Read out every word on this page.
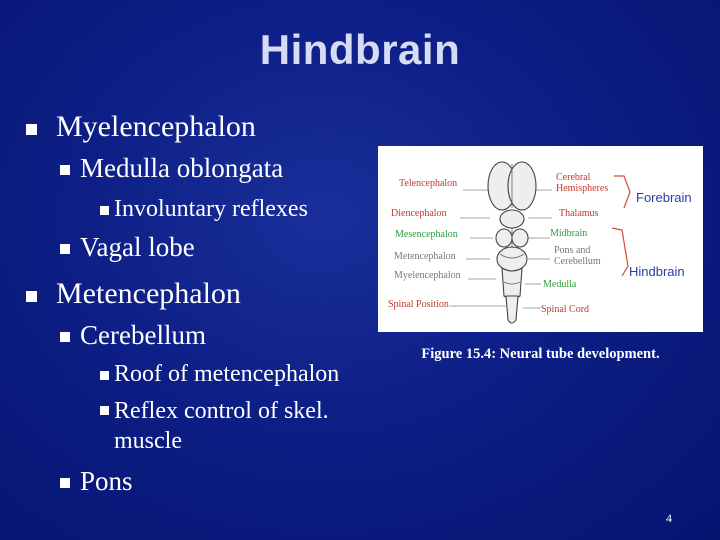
Hindbrain
Myelencephalon
Medulla oblongata
Involuntary reflexes
Vagal lobe
Metencephalon
Cerebellum
Roof of metencephalon
Reflex control of skel. muscle
Pons
Telencephalon
Diencephalon
Mesencephalon
Metencephalon
Myelencephalon
Spinal Position
Cerebral Hemispheres
Thalamus
Midbrain
Pons and Cerebellum
Medulla
Spinal Cord
Forebrain
Hindbrain
Figure 15.4: Neural tube development.
4
